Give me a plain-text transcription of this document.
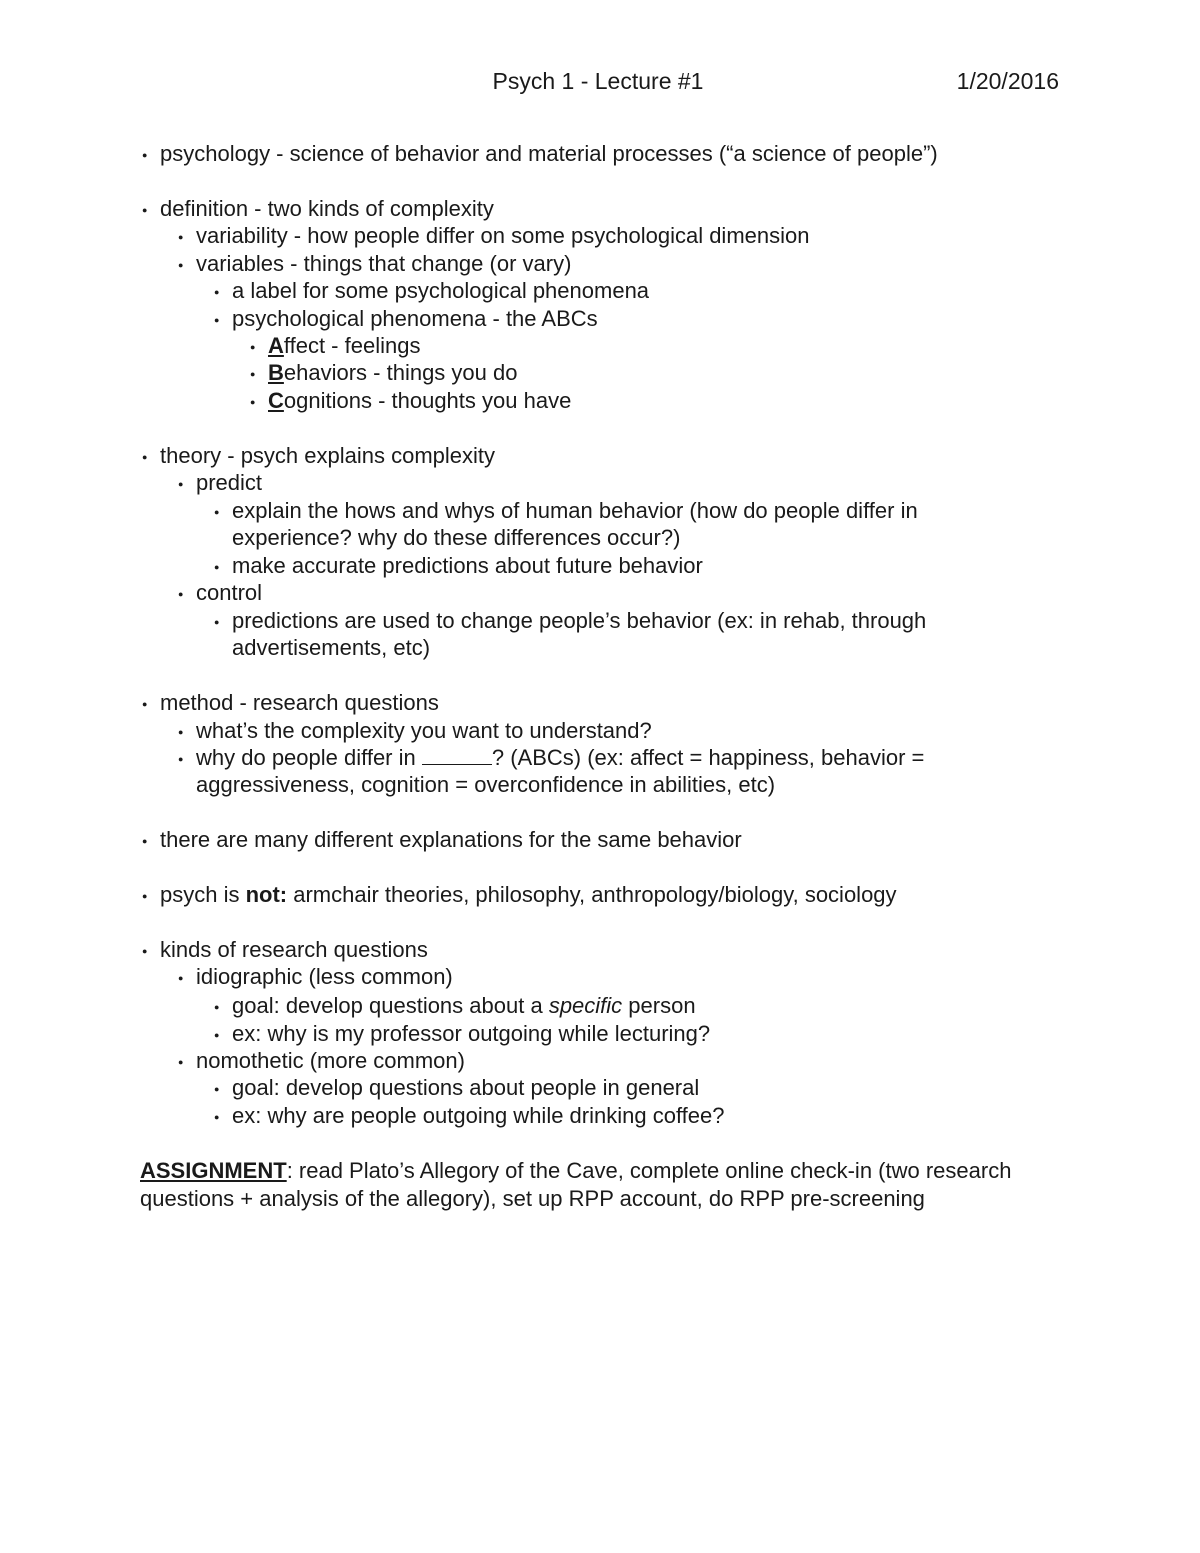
Psych 1 - Lecture #1	1/20/2016
● psychology - science of behavior and material processes (“a science of people”)
● definition - two kinds of complexity
● variability - how people differ on some psychological dimension
● variables - things that change (or vary)
● a label for some psychological phenomena
● psychological phenomena - the ABCs
● Affect - feelings
● Behaviors - things you do
● Cognitions - thoughts you have
● theory - psych explains complexity
● predict
● explain the hows and whys of human behavior (how do people differ in
experience? why do these differences occur?)
● make accurate predictions about future behavior
● control
● predictions are used to change people’s behavior (ex: in rehab, through
advertisements, etc)
● method - research questions
● what’s the complexity you want to understand?
● why do people differ in	? (ABCs) (ex: affect = happiness, behavior =
aggressiveness, cognition = overconfidence in abilities, etc)
● there are many different explanations for the same behavior
● psych is not: armchair theories, philosophy, anthropology/biology, sociology
● kinds of research questions
● idiographic (less common)
● goal: develop questions about a specific person
● ex: why is my professor outgoing while lecturing?
● nomothetic (more common)
● goal: develop questions about people in general
● ex: why are people outgoing while drinking coffee?
ASSIGNMENT: read Plato’s Allegory of the Cave, complete online check-in (two research
questions + analysis of the allegory), set up RPP account, do RPP pre-screening
